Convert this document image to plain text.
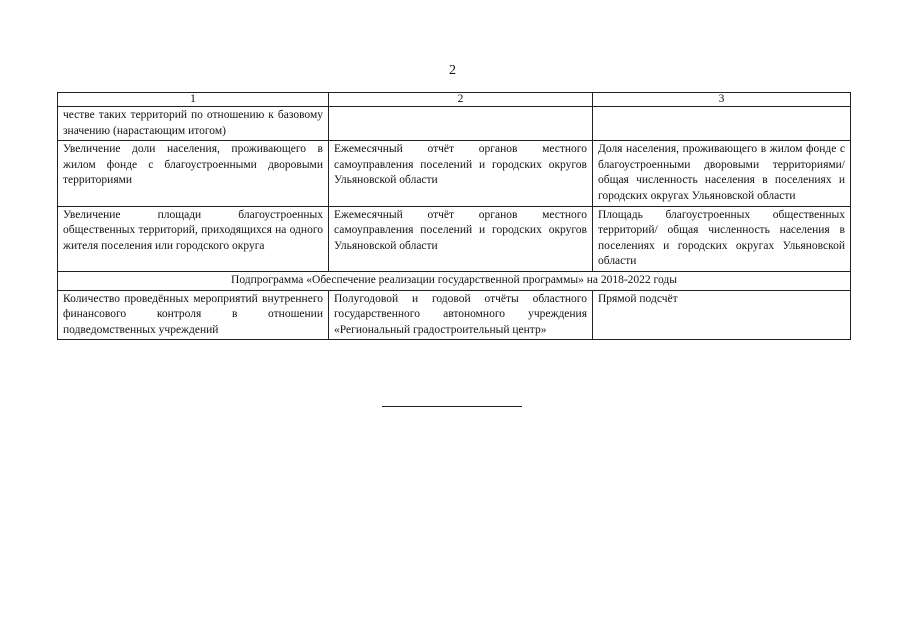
2
1	2	3
честве таких территорий по отношению к базовому значению (нарастающим итогом)		
Увеличение доли населения, проживающего в жилом фонде с благоустроенными дворовыми территориями	Ежемесячный отчёт органов местного самоуправления поселений и городских округов Ульяновской области	Доля населения, проживающего в жилом фонде с благоустроенными дворовыми территориями/общая численность населения в поселениях и городских округах Ульяновской области
Увеличение площади благоустроенных общественных территорий, приходящихся на одного жителя поселения или городского округа	Ежемесячный отчёт органов местного самоуправления поселений и городских округов Ульяновской области	Площадь благоустроенных общественных территорий/ общая численность населения в поселениях и городских округах Ульяновской области
Подпрограмма «Обеспечение реализации государственной программы» на 2018-2022 годы		
Количество проведённых мероприятий внутреннего финансового контроля в отношении подведомственных учреждений	Полугодовой и годовой отчёты областного государственного автономного учреждения «Региональный градостроительный центр»	Прямой подсчёт
